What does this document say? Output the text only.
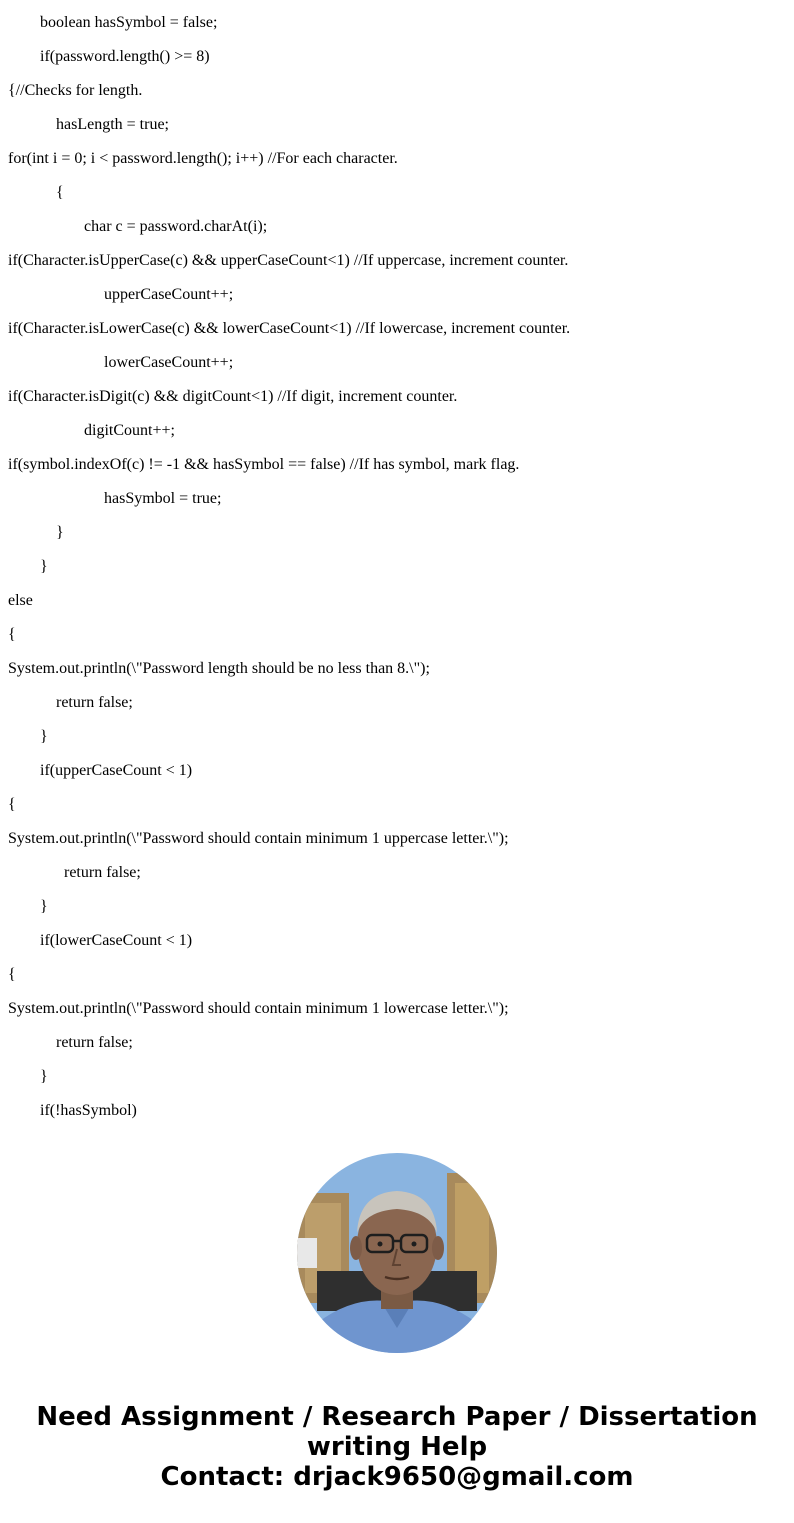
boolean hasSymbol = false;
if(password.length() >= 8)
{//Checks for length.
hasLength = true;
for(int i = 0; i < password.length(); i++) //For each character.
{
char c = password.charAt(i);
if(Character.isUpperCase(c) && upperCaseCount<1) //If uppercase, increment counter.
upperCaseCount++;
if(Character.isLowerCase(c) && lowerCaseCount<1) //If lowercase, increment counter.
lowerCaseCount++;
if(Character.isDigit(c) && digitCount<1) //If digit, increment counter.
digitCount++;
if(symbol.indexOf(c) != -1 && hasSymbol == false) //If has symbol, mark flag.
hasSymbol = true;
}
}
else
{
System.out.println(\"Password length should be no less than 8.\");
return false;
}
if(upperCaseCount < 1)
{
System.out.println(\"Password should contain minimum 1 uppercase letter.\");
return false;
}
if(lowerCaseCount < 1)
{
System.out.println(\"Password should contain minimum 1 lowercase letter.\");
return false;
}
if(!hasSymbol)
Need Assignment / Research Paper / Dissertation
writing Help
Contact: drjack9650@gmail.com
